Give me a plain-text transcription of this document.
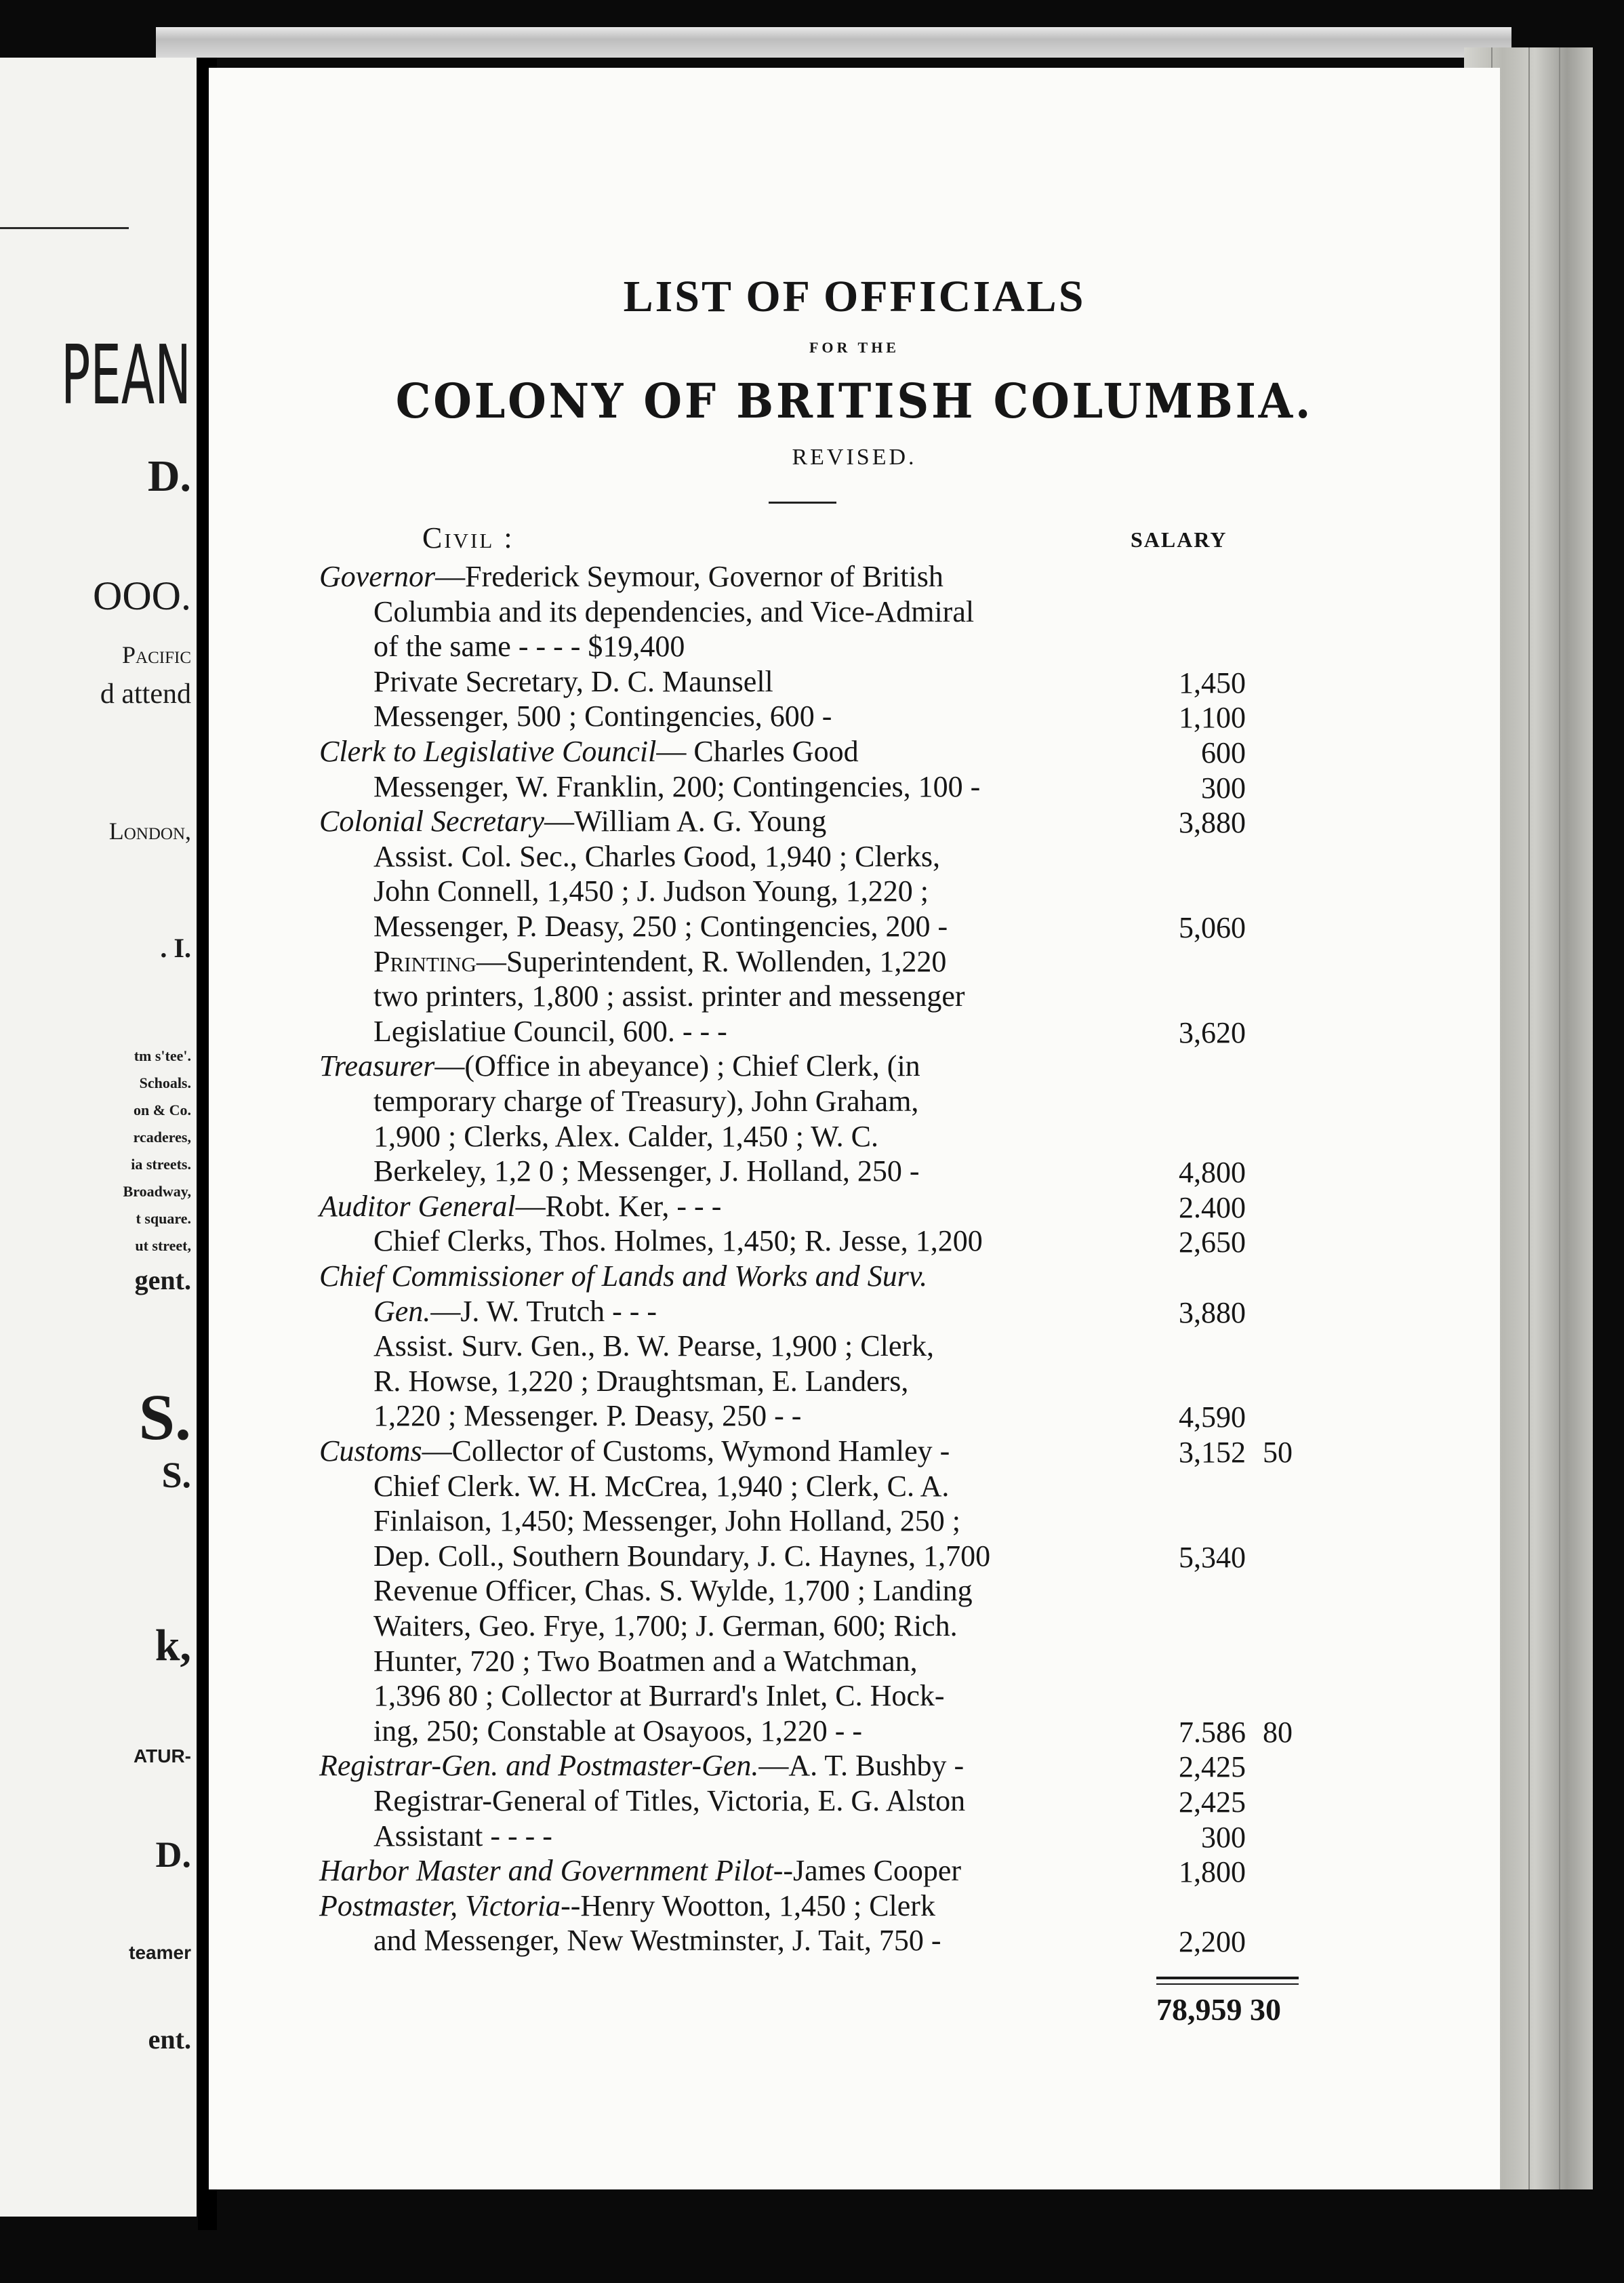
PEAN
D.
OOO.
Pacific
d attend
London,
. I.
tm s'tee'.
Schoals.
on & Co.
rcaderes,
ia streets.
Broadway,
t square.
ut street,
gent.
S.
S.
k,
ATUR-
D.
teamer
ent.
LIST OF OFFICIALS
FOR THE
COLONY OF BRITISH COLUMBIA.
REVISED.
Civil :	SALARY
Governor—Frederick Seymour, Governor of British
Columbia and its dependencies, and Vice-Admiral
of the same - - - - $19,400
Private Secretary, D. C. Maunsell	1,450
Messenger, 500 ; Contingencies, 600 -	1,100
Clerk to Legislative Council— Charles Good	600
Messenger, W. Franklin, 200; Contingencies, 100 -	300
Colonial Secretary—William A. G. Young	3,880
Assist. Col. Sec., Charles Good, 1,940 ; Clerks,
John Connell, 1,450 ; J. Judson Young, 1,220 ;
Messenger, P. Deasy, 250 ; Contingencies, 200 -	5,060
Printing—Superintendent, R. Wollenden, 1,220
two printers, 1,800 ; assist. printer and messenger
Legislatiue Council, 600. - - -	3,620
Treasurer—(Office in abeyance) ; Chief Clerk, (in
temporary charge of Treasury), John Graham,
1,900 ; Clerks, Alex. Calder, 1,450 ; W. C.
Berkeley, 1,2 0 ; Messenger, J. Holland, 250 -	4,800
Auditor General—Robt. Ker, - - -	2.400
Chief Clerks, Thos. Holmes, 1,450; R. Jesse, 1,200	2,650
Chief Commissioner of Lands and Works and Surv.
Gen.—J. W. Trutch - - -	3,880
Assist. Surv. Gen., B. W. Pearse, 1,900 ; Clerk,
R. Howse, 1,220 ; Draughtsman, E. Landers,
1,220 ; Messenger. P. Deasy, 250 - -	4,590
Customs—Collector of Customs, Wymond Hamley -	3,152 50
Chief Clerk. W. H. McCrea, 1,940 ; Clerk, C. A.
Finlaison, 1,450; Messenger, John Holland, 250 ;
Dep. Coll., Southern Boundary, J. C. Haynes, 1,700	5,340
Revenue Officer, Chas. S. Wylde, 1,700 ; Landing
Waiters, Geo. Frye, 1,700; J. German, 600; Rich.
Hunter, 720 ; Two Boatmen and a Watchman,
1,396 80 ; Collector at Burrard's Inlet, C. Hock-
ing, 250; Constable at Osayoos, 1,220 - -	7.586 80
Registrar-Gen. and Postmaster-Gen.—A. T. Bushby -	2,425
Registrar-General of Titles, Victoria, E. G. Alston	2,425
Assistant - - - -	300
Harbor Master and Government Pilot--James Cooper	1,800
Postmaster, Victoria--Henry Wootton, 1,450 ; Clerk
and Messenger, New Westminster, J. Tait, 750 -	2,200
78,959 30
